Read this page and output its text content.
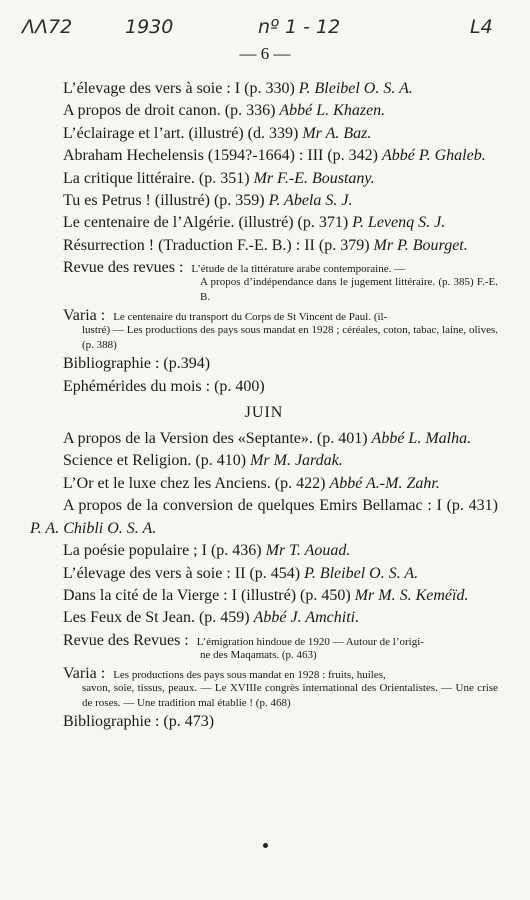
ΛΛ72	1930	nº 1 - 12	L4
— 6 —

L’élevage des vers à soie : I (p. 330) P. Bleibel O. S. A.

A propos de droit canon. (p. 336) Abbé L. Khazen.

L’éclairage et l’art. (illustré) (d. 339) Mr A. Baz.

Abraham Hechelensis (1594?-1664) : III (p. 342) Abbé P. Ghaleb.

La critique littéraire. (p. 351) Mr F.-E. Boustany.

Tu es Petrus ! (illustré) (p. 359) P. Abela S. J.

Le centenaire de l’Algérie. (illustré) (p. 371) P. Levenq S. J.

Résurrection ! (Traduction F.-E. B.) : II (p. 379) Mr P. Bourget.

Revue des revues : L’étude de la tittérature arabe contemporaine. —
A propos d’indépendance dans le jugement littéraire. (p. 385) F.-E. B.
Varia : Le centenaire du transport du Corps de St Vincent de Paul. (il-
lustré) — Les productions des pays sous mandat en 1928 ; céréales, coton, tabac, laine, olives. (p. 388)

Bibliographie : (p.394)

Ephémérides du mois : (p. 400)

JUIN

A propos de la Version des «Septante». (p. 401) Abbé L. Malha.

Science et Religion. (p. 410) Mr M. Jardak.

L’Or et le luxe chez les Anciens. (p. 422) Abbé A.-M. Zahr.

A propos de la conversion de quelques Emirs Bellamac : I (p. 431) P. A. Chibli O. S. A.

La poésie populaire ; I (p. 436) Mr T. Aouad.

L’élevage des vers à soie : II (p. 454) P. Bleibel O. S. A.

Dans la cité de la Vierge : I (illustré) (p. 450) Mr M. S. Keméïd.

Les Feux de St Jean. (p. 459) Abbé J. Amchiti.

Revue des Revues : L’émigration hindoue de 1920 — Autour de l’origi-
ne des Maqamats. (p. 463)
Varia : Les productions des pays sous mandat en 1928 : fruits, huiles,
savon, soie, tissus, peaux. — Le XVIIIe congrès international des Orientalistes. — Une crise de roses. — Une tradition mal établie ! (p. 468)

Bibliographie : (p. 473)
